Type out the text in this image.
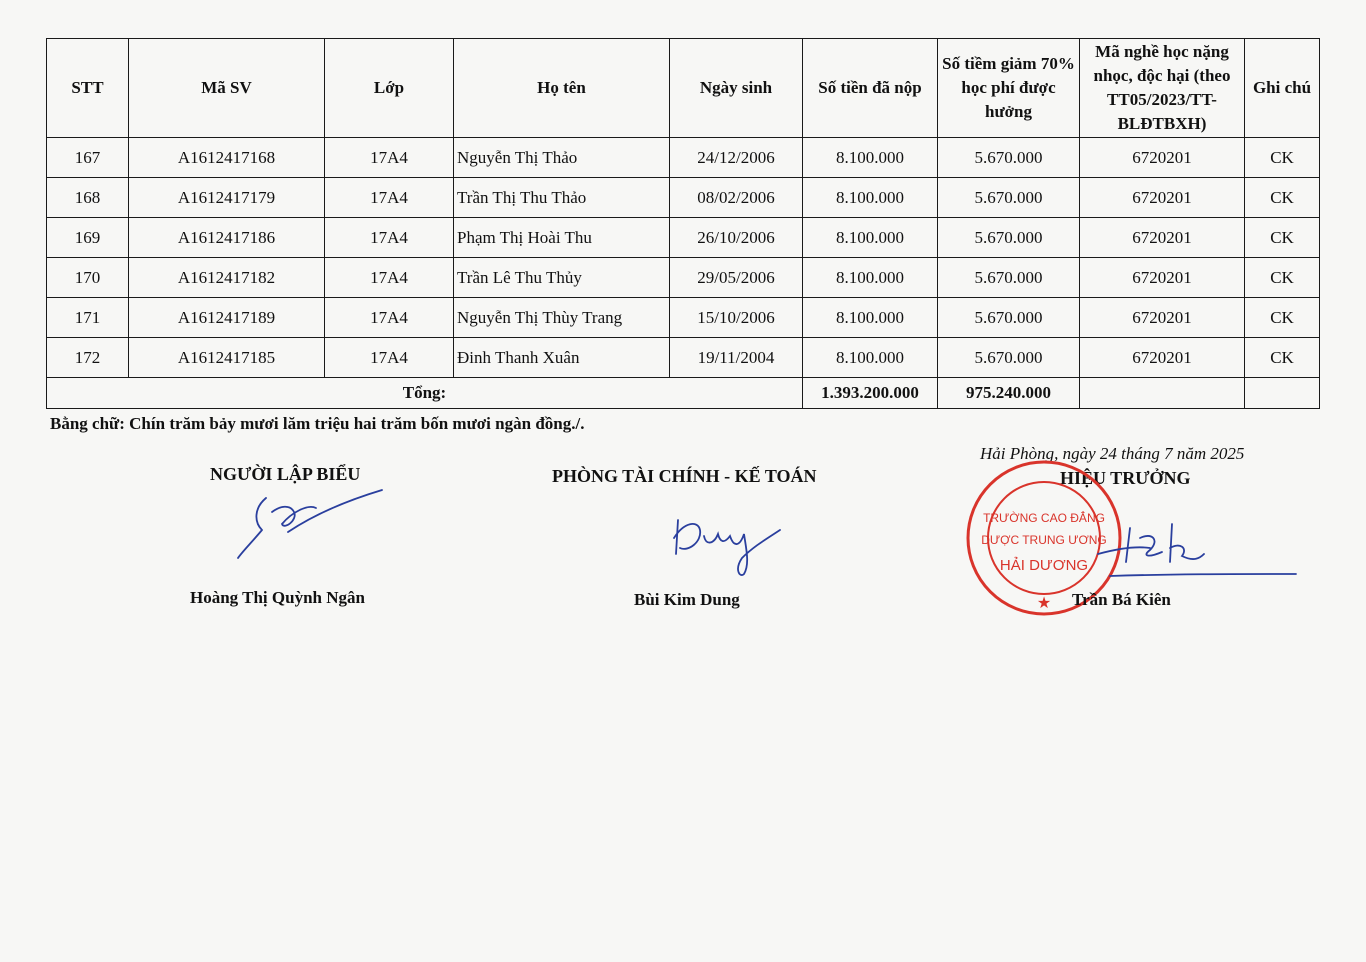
STT	Mã SV	Lớp	Họ tên	Ngày sinh	Số tiền đã nộp	Số tiềm giảm 70% học phí được hưởng	Mã nghề học nặng nhọc, độc hại (theo TT05/2023/TT-BLĐTBXH)	Ghi chú
167	A1612417168	17A4	Nguyễn Thị Thảo	24/12/2006	8.100.000	5.670.000	6720201	CK
168	A1612417179	17A4	Trần Thị Thu Thảo	08/02/2006	8.100.000	5.670.000	6720201	CK
169	A1612417186	17A4	Phạm Thị Hoài Thu	26/10/2006	8.100.000	5.670.000	6720201	CK
170	A1612417182	17A4	Trần Lê Thu Thủy	29/05/2006	8.100.000	5.670.000	6720201	CK
171	A1612417189	17A4	Nguyễn Thị Thùy Trang	15/10/2006	8.100.000	5.670.000	6720201	CK
172	A1612417185	17A4	Đinh Thanh Xuân	19/11/2004	8.100.000	5.670.000	6720201	CK
Tổng:					1.393.200.000	975.240.000		
Bằng chữ: Chín trăm bảy mươi lăm triệu hai trăm bốn mươi ngàn đồng./.
Hải Phòng, ngày 24 tháng 7 năm 2025
NGƯỜI LẬP BIỂU
Hoàng Thị Quỳnh Ngân
PHÒNG TÀI CHÍNH - KẾ TOÁN
Bùi Kim Dung
HIỆU TRƯỞNG
TRƯỜNG CAO ĐẲNG
DƯỢC TRUNG ƯƠNG
HẢI DƯƠNG
★ Trần Bá Kiên
